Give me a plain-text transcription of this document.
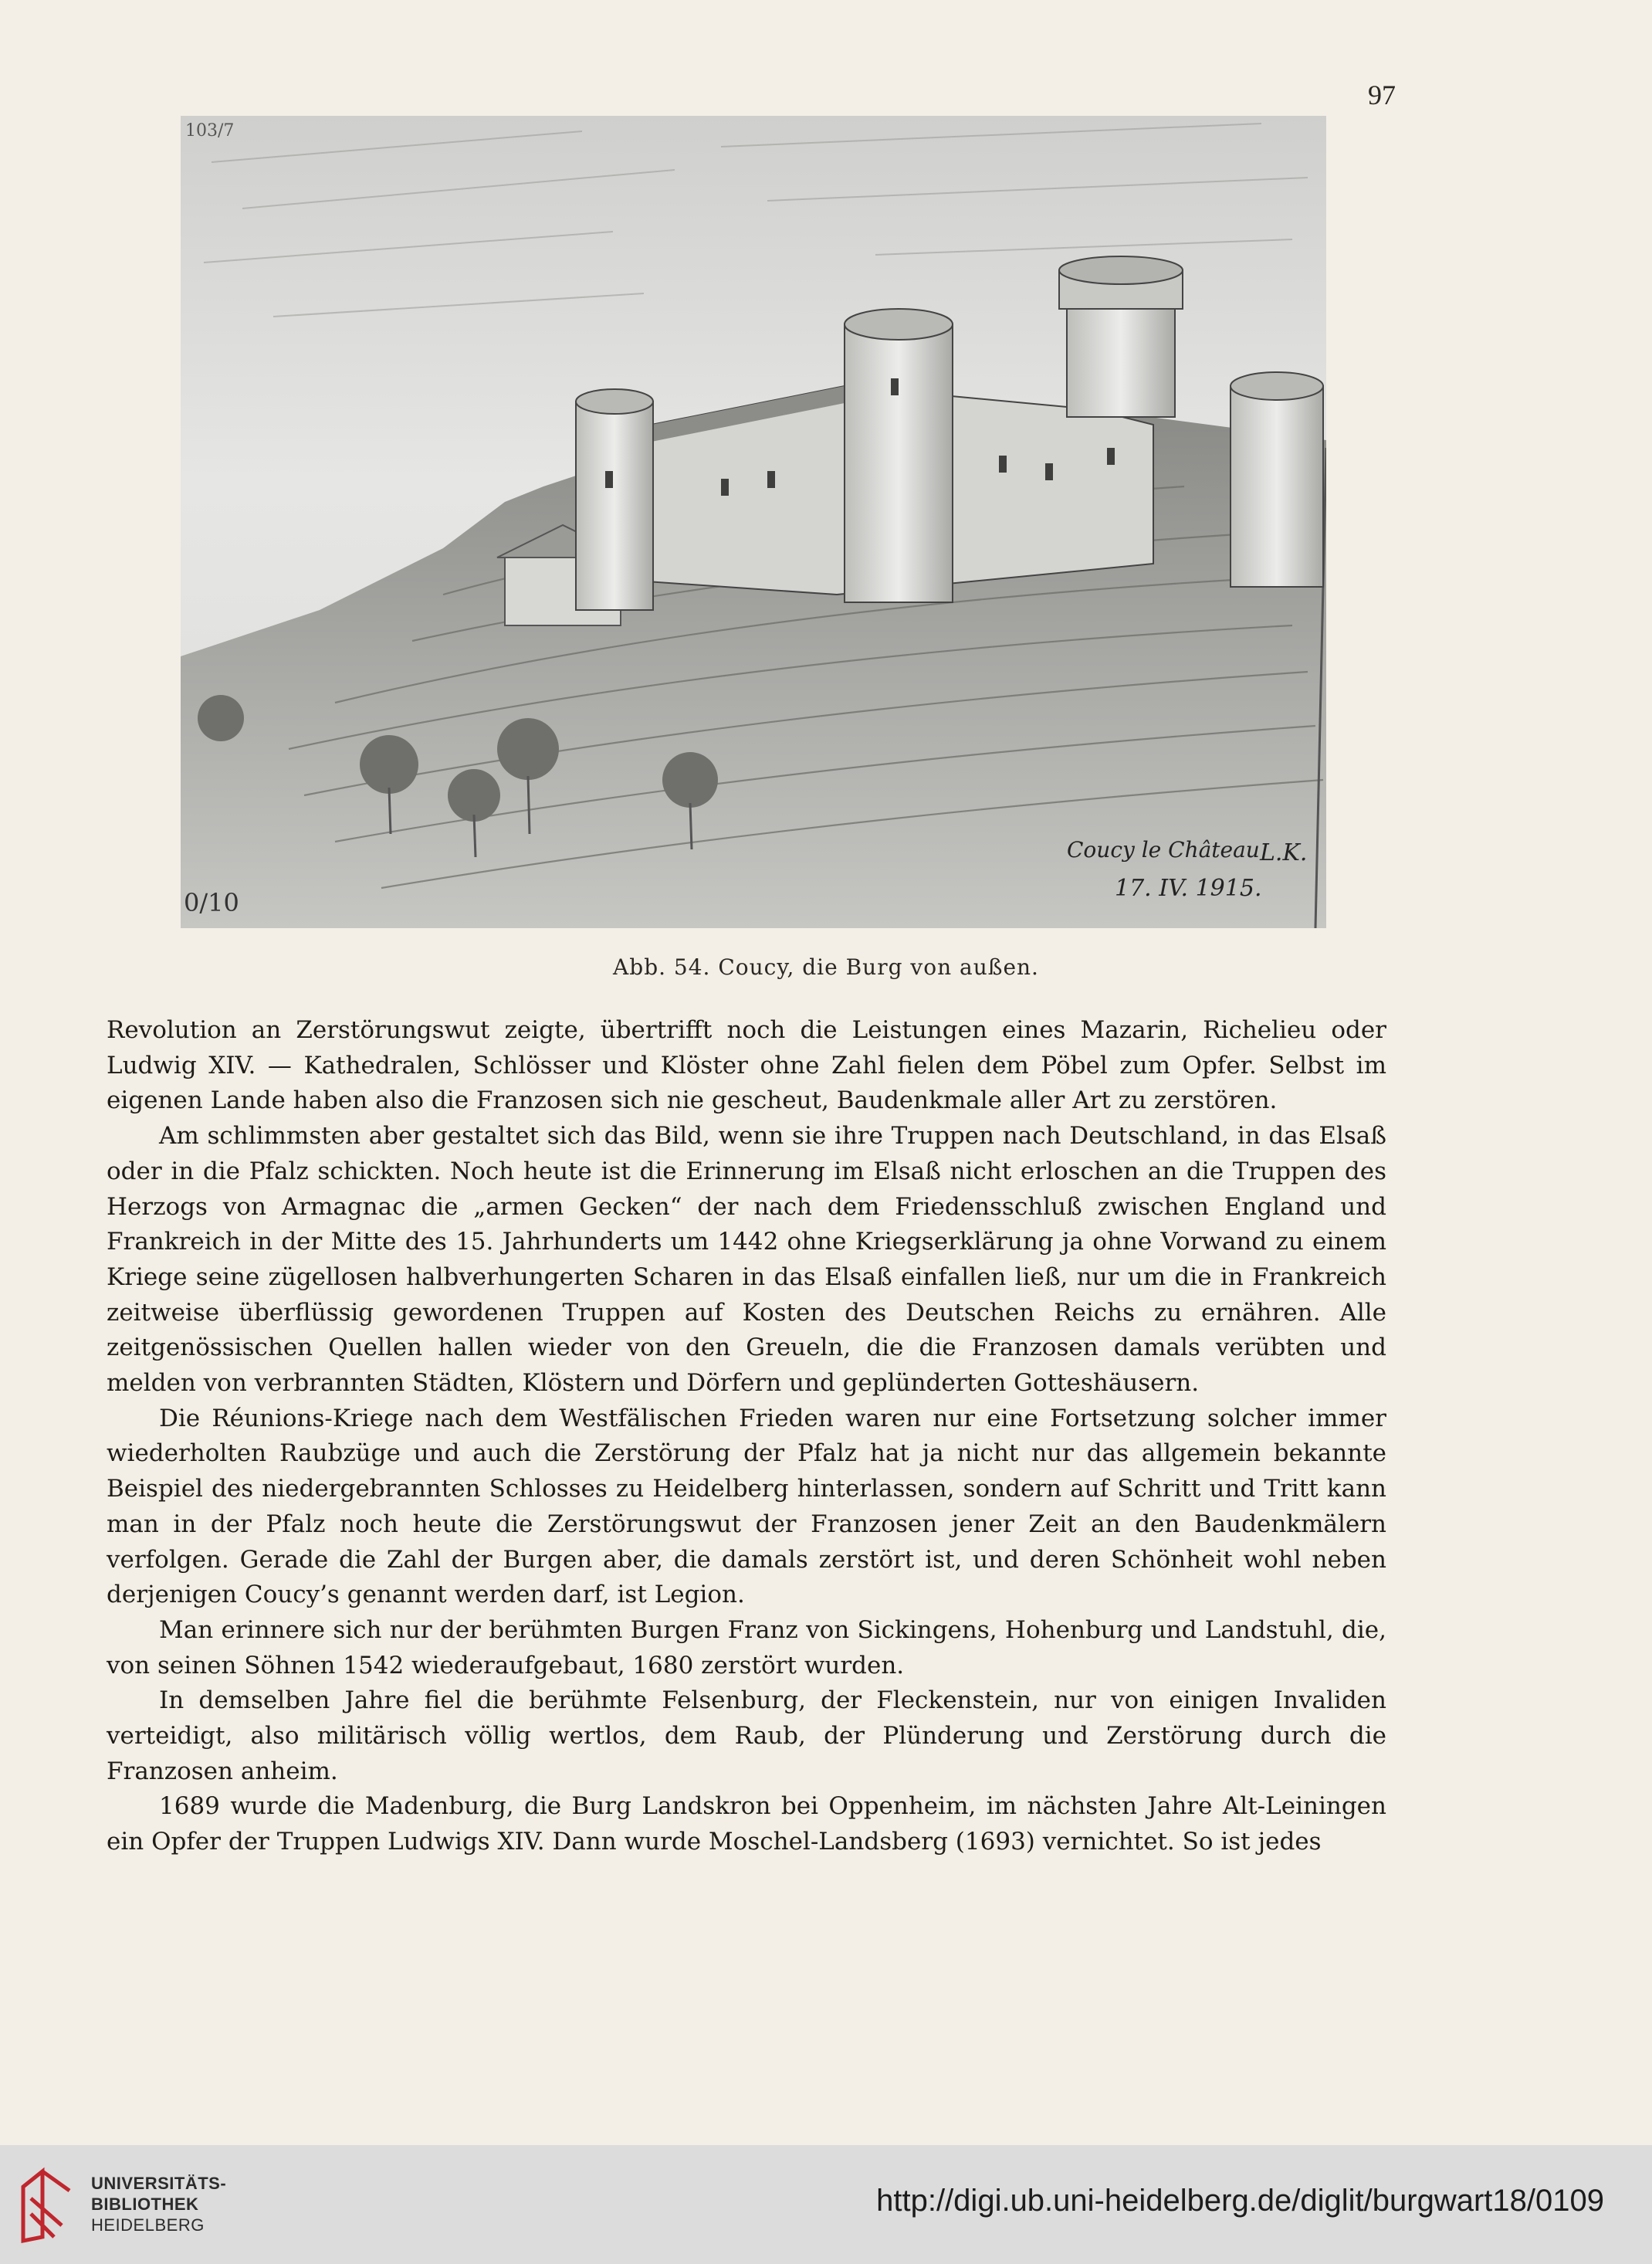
97
103/7
0/10
Coucy le Château L.K.
17. IV. 1915.
Abb. 54. Coucy, die Burg von außen.

Revolution an Zerstörungswut zeigte, übertrifft noch die Leistungen eines Mazarin, Richelieu oder Ludwig XIV. — Kathedralen, Schlösser und Klöster ohne Zahl fielen dem Pöbel zum Opfer. Selbst im eigenen Lande haben also die Franzosen sich nie gescheut, Baudenkmale aller Art zu zerstören.

Am schlimmsten aber gestaltet sich das Bild, wenn sie ihre Truppen nach Deutschland, in das Elsaß oder in die Pfalz schickten. Noch heute ist die Erinnerung im Elsaß nicht erloschen an die Truppen des Herzogs von Armagnac die „armen Gecken“ der nach dem Friedensschluß zwischen England und Frankreich in der Mitte des 15. Jahrhunderts um 1442 ohne Kriegserklärung ja ohne Vorwand zu einem Kriege seine zügellosen halbverhungerten Scharen in das Elsaß einfallen ließ, nur um die in Frankreich zeitweise überflüssig gewordenen Truppen auf Kosten des Deutschen Reichs zu ernähren. Alle zeitgenössischen Quellen hallen wieder von den Greueln, die die Franzosen damals verübten und melden von verbrannten Städten, Klöstern und Dörfern und geplünderten Gotteshäusern.

Die Réunions-Kriege nach dem Westfälischen Frieden waren nur eine Fortsetzung solcher immer wiederholten Raubzüge und auch die Zerstörung der Pfalz hat ja nicht nur das allgemein bekannte Beispiel des niedergebrannten Schlosses zu Heidelberg hinterlassen, sondern auf Schritt und Tritt kann man in der Pfalz noch heute die Zerstörungswut der Franzosen jener Zeit an den Baudenkmälern verfolgen. Gerade die Zahl der Burgen aber, die damals zerstört ist, und deren Schönheit wohl neben derjenigen Coucy’s genannt werden darf, ist Legion.

Man erinnere sich nur der berühmten Burgen Franz von Sickingens, Hohenburg und Landstuhl, die, von seinen Söhnen 1542 wiederaufgebaut, 1680 zerstört wurden.

In demselben Jahre fiel die berühmte Felsenburg, der Fleckenstein, nur von einigen Invaliden verteidigt, also militärisch völlig wertlos, dem Raub, der Plünderung und Zerstörung durch die Franzosen anheim.

1689 wurde die Madenburg, die Burg Landskron bei Oppenheim, im nächsten Jahre Alt-Leiningen ein Opfer der Truppen Ludwigs XIV. Dann wurde Moschel-Landsberg (1693) vernichtet. So ist jedes

UNIVERSITÄTS-
BIBLIOTHEK
HEIDELBERG
http://digi.ub.uni-heidelberg.de/diglit/burgwart18/0109
